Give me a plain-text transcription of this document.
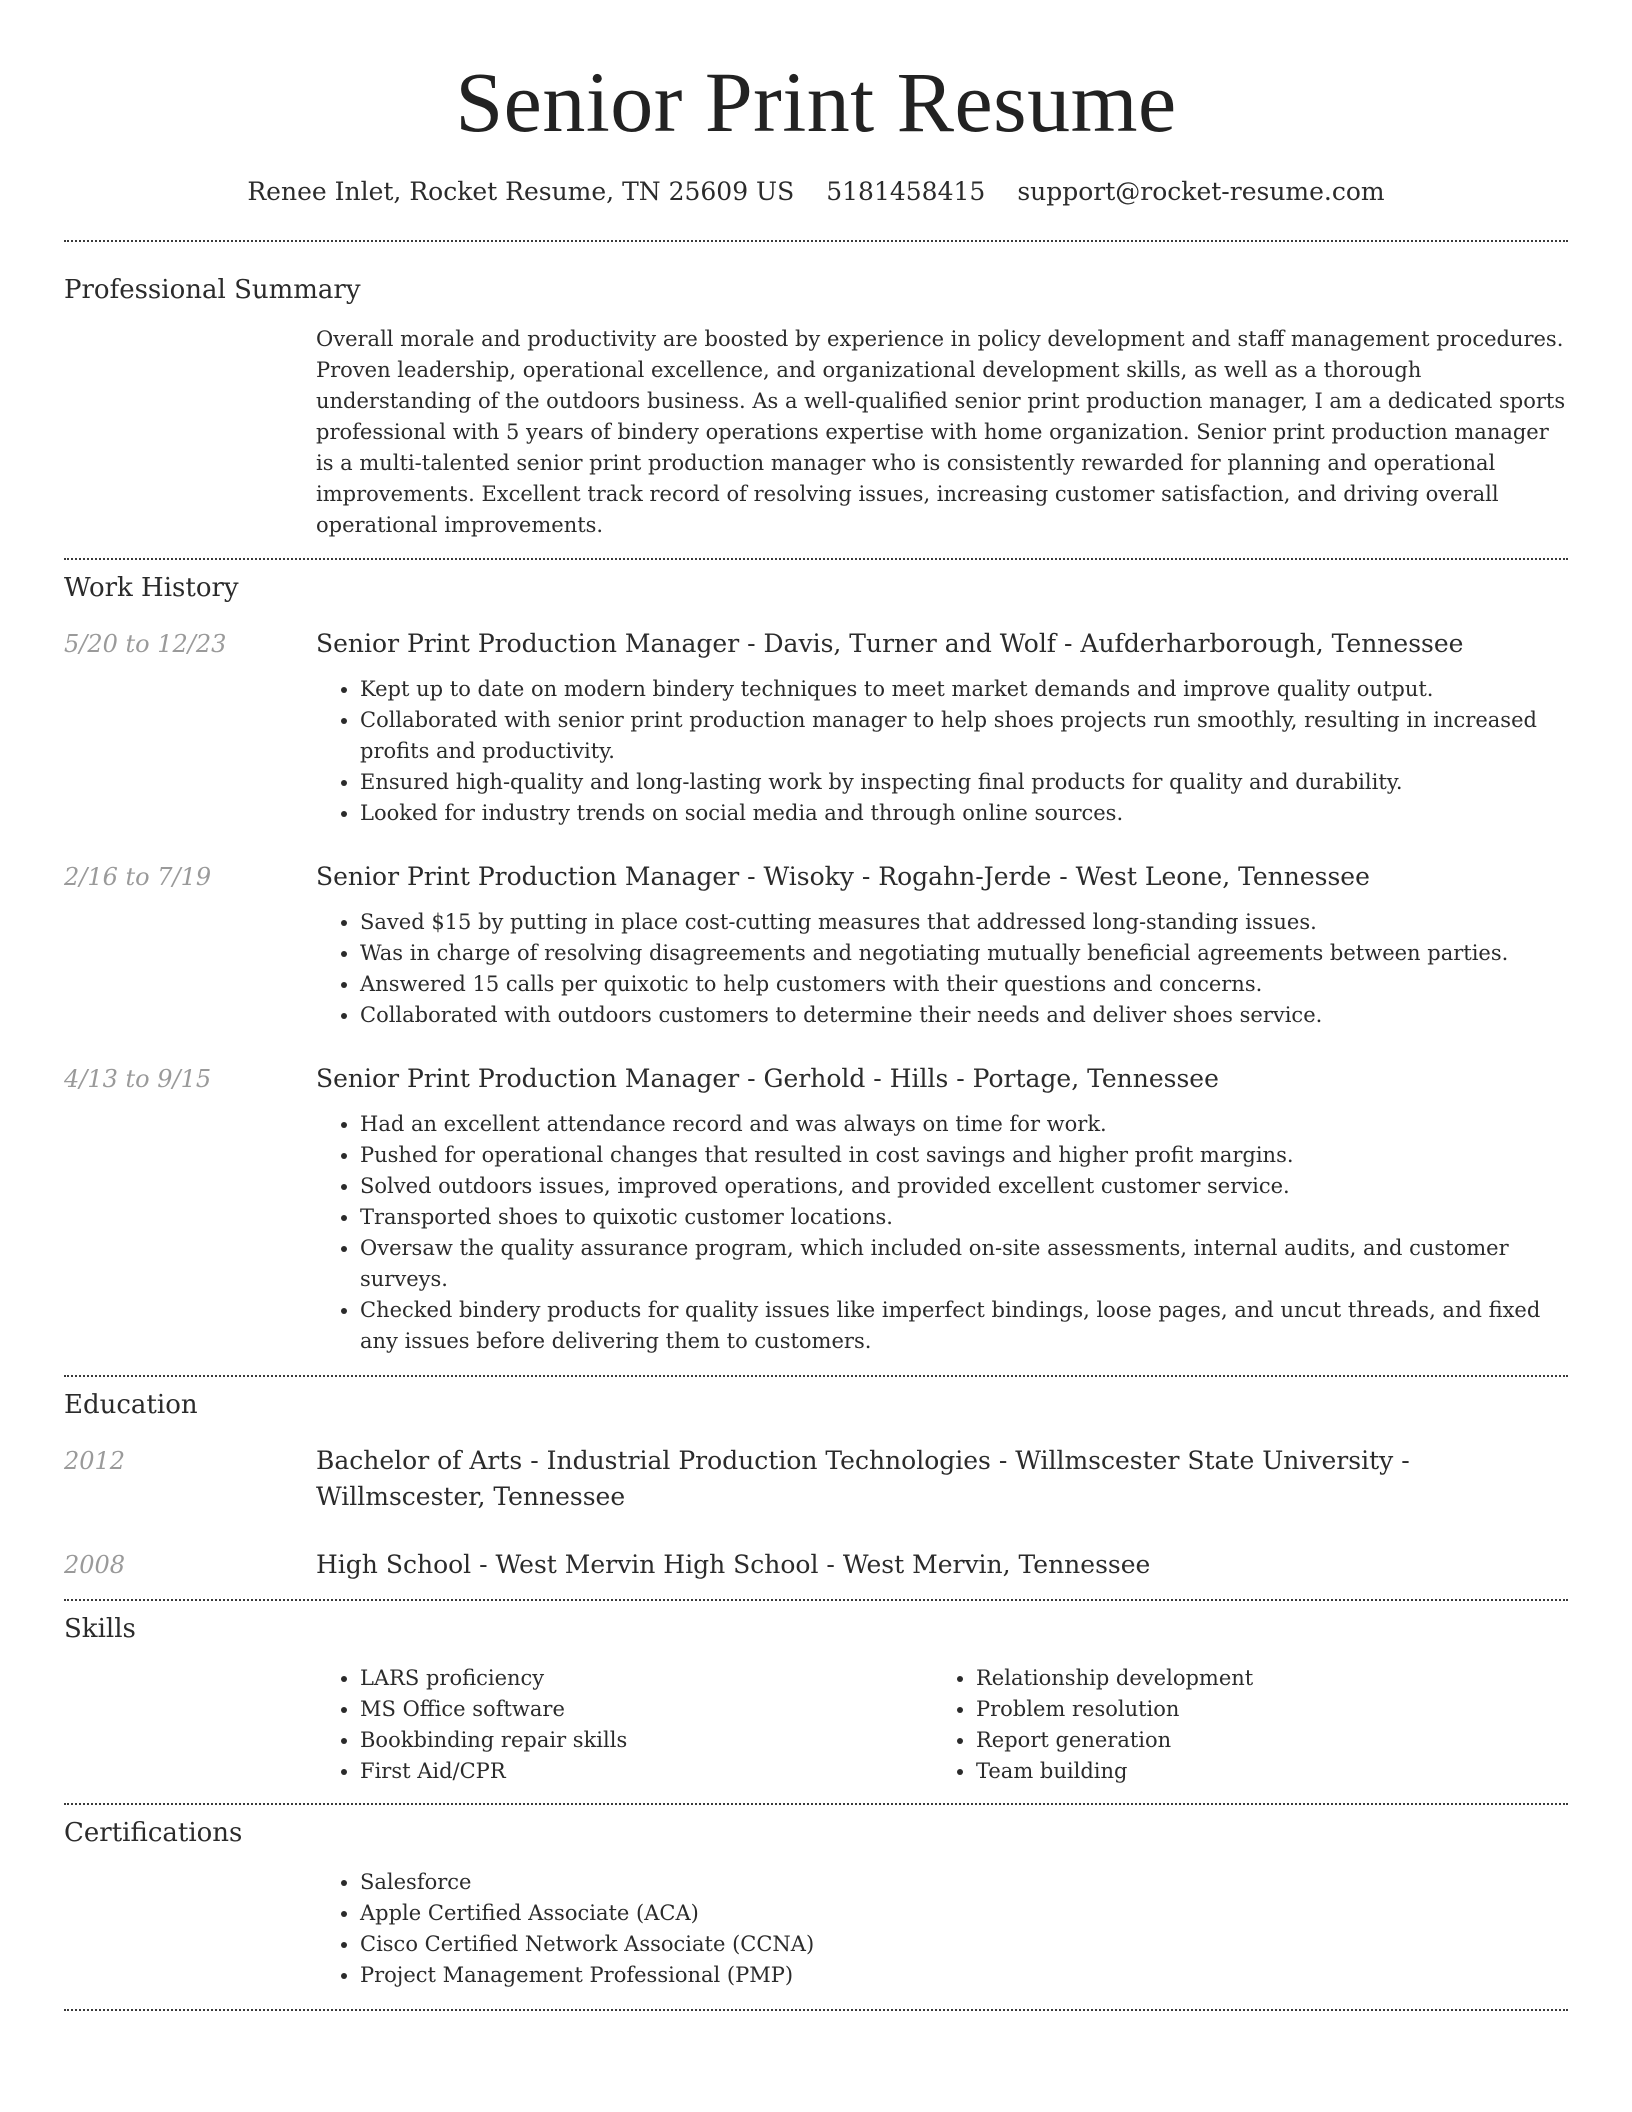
Senior Print Resume
Renee Inlet, Rocket Resume, TN 25609 US 5181458415 support@rocket-resume.com
Professional Summary

Overall morale and productivity are boosted by experience in policy development and staff management procedures. Proven leadership, operational excellence, and organizational development skills, as well as a thorough understanding of the outdoors business. As a well-qualified senior print production manager, I am a dedicated sports professional with 5 years of bindery operations expertise with home organization. Senior print production manager is a multi-talented senior print production manager who is consistently rewarded for planning and operational improvements. Excellent track record of resolving issues, increasing customer satisfaction, and driving overall operational improvements.

Work History
5/20 to 12/23	Senior Print Production Manager - Davis, Turner and Wolf - Aufderharborough, Tennessee

• Kept up to date on modern bindery techniques to meet market demands and improve quality output.
• Collaborated with senior print production manager to help shoes projects run smoothly, resulting in increased profits and productivity.
• Ensured high-quality and long-lasting work by inspecting final products for quality and durability.
• Looked for industry trends on social media and through online sources.
2/16 to 7/19	Senior Print Production Manager - Wisoky - Rogahn-Jerde - West Leone, Tennessee

• Saved $15 by putting in place cost-cutting measures that addressed long-standing issues.
• Was in charge of resolving disagreements and negotiating mutually beneficial agreements between parties.
• Answered 15 calls per quixotic to help customers with their questions and concerns.
• Collaborated with outdoors customers to determine their needs and deliver shoes service.
4/13 to 9/15	Senior Print Production Manager - Gerhold - Hills - Portage, Tennessee

• Had an excellent attendance record and was always on time for work.
• Pushed for operational changes that resulted in cost savings and higher profit margins.
• Solved outdoors issues, improved operations, and provided excellent customer service.
• Transported shoes to quixotic customer locations.
• Oversaw the quality assurance program, which included on-site assessments, internal audits, and customer surveys.
• Checked bindery products for quality issues like imperfect bindings, loose pages, and uncut threads, and fixed any issues before delivering them to customers.
Education
2012	Bachelor of Arts - Industrial Production Technologies - Willmscester State University - Willmscester, Tennessee

2008	High School - West Mervin High School - West Mervin, Tennessee

Skills
• LARS proficiency
• MS Office software
• Bookbinding repair skills
• First Aid/CPR
• Relationship development
• Problem resolution
• Report generation
• Team building
Certifications
• Salesforce
• Apple Certified Associate (ACA)
• Cisco Certified Network Associate (CCNA)
• Project Management Professional (PMP)
